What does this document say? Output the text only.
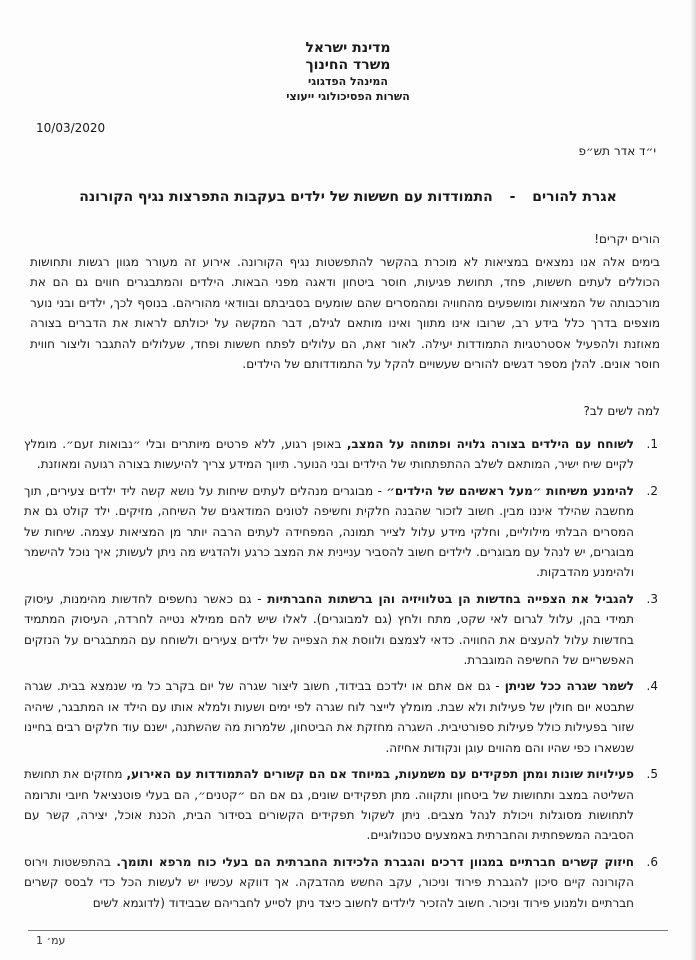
מדינת ישראל
משרד החינוך
המינהל הפדגוגי
השרות הפסיכולוגי ייעוצי
10/03/2020
י״ד אדר תש״פ
אגרת להורים - התמודדות עם חששות של ילדים בעקבות התפרצות נגיף הקורונה
הורים יקרים!
בימים אלה אנו נמצאים במציאות לא מוכרת בהקשר להתפשטות נגיף הקורונה. אירוע זה מעורר מגוון רגשות ותחושות הכוללים לעתים חששות, פחד, תחושת פגיעות, חוסר ביטחון ודאגה מפני הבאות. הילדים והמתבגרים חווים גם הם את מורכבותה של המציאות ומושפעים מהחוויה ומהמסרים שהם שומעים בסביבתם ובוודאי מהוריהם. בנוסף לכך, ילדים ובני נוער מוצפים בדרך כלל בידע רב, שרובו אינו מתווך ואינו מותאם לגילם, דבר המקשה על יכולתם לראות את הדברים בצורה מאוזנת ולהפעיל אסטרטגיות התמודדות יעילה. לאור זאת, הם עלולים לפתח חששות ופחד, שעלולים להתגבר וליצור חווית חוסר אונים. להלן מספר דגשים להורים שעשויים להקל על התמודדותם של הילדים.
למה לשים לב?
1.
לשוחח עם הילדים בצורה גלויה ופתוחה על המצב, באופן רגוע, ללא פרטים מיותרים ובלי ״נבואות זעם״. מומלץ לקיים שיח ישיר, המותאם לשלב ההתפתחותי של הילדים ובני הנוער. תיווך המידע צריך להיעשות בצורה רגועה ומאוזנת.
2.
להימנע משיחות ״מעל ראשיהם של הילדים״ - מבוגרים מנהלים לעתים שיחות על נושא קשה ליד ילדים צעירים, תוך מחשבה שהילד איננו מבין. חשוב לזכור שהבנה חלקית וחשיפה לטונים המודאגים של השיחה, מזיקים. ילד קולט גם את המסרים הבלתי מילוליים, וחלקי מידע עלול לצייר תמונה, המפחידה לעתים הרבה יותר מן המציאות עצמה. שיחות של מבוגרים, יש לנהל עם מבוגרים. לילדים חשוב להסביר עניינית את המצב כרגע ולהדגיש מה ניתן לעשות; איך נוכל להישמר ולהימנע מהדבקות.
3.
להגביל את הצפייה בחדשות הן בטלוויזיה והן ברשתות החברתיות - גם כאשר נחשפים לחדשות מהימנות, עיסוק תמידי בהן, עלול לגרום לאי שקט, מתח ולחץ (גם למבוגרים). לאלו שיש להם ממילא נטייה לחרדה, העיסוק המתמיד בחדשות עלול להעצים את החוויה. כדאי לצמצם ולווסת את הצפייה של ילדים צעירים ולשוחח עם המתבגרים על הנזקים האפשריים של החשיפה המוגברת.
4.
לשמר שגרה ככל שניתן - גם אם אתם או ילדכם בבידוד, חשוב ליצור שגרה של יום בקרב כל מי שנמצא בבית. שגרה שתבטא יום חולין של פעילות ולא שבת. מומלץ לייצר לוח שגרה לפי ימים ושעות ולמלא אותו עם הילד או המתבגר, שיהיה שזור בפעילות כולל פעילות ספורטיבית. השגרה מחזקת את הביטחון, שלמרות מה שהשתנה, ישנם עוד חלקים רבים בחיינו שנשארו כפי שהיו והם מהווים עוגן ונקודות אחיזה.
5.
פעילויות שונות ומתן תפקידים עם משמעות, במיוחד אם הם קשורים להתמודדות עם האירוע, מחזקים את תחושת השליטה במצב ותחושות של ביטחון ותקווה. מתן תפקידים שונים, גם אם הם ״קטנים״, הם בעלי פוטנציאל חיובי ותרומה לתחושות מסוגלות ויכולת לנהל מצבים. ניתן לשקול תפקידים הקשורים בסידור הבית, הכנת אוכל, יצירה, קשר עם הסביבה המשפחתית והחברתית באמצעים טכנולוגיים.
6.
חיזוק קשרים חברתיים במגוון דרכים והגברת הלכידות החברתית הם בעלי כוח מרפא ותומך. בהתפשטות וירוס הקורונה קיים סיכון להגברת פירוד וניכור, עקב החשש מהדבקה. אך דווקא עכשיו יש לעשות הכל כדי לבסס קשרים חברתיים ולמנוע פירוד וניכור. חשוב להזכיר לילדים לחשוב כיצד ניתן לסייע לחבריהם שבבידוד (לדוגמא לשים
עמ׳ 1
